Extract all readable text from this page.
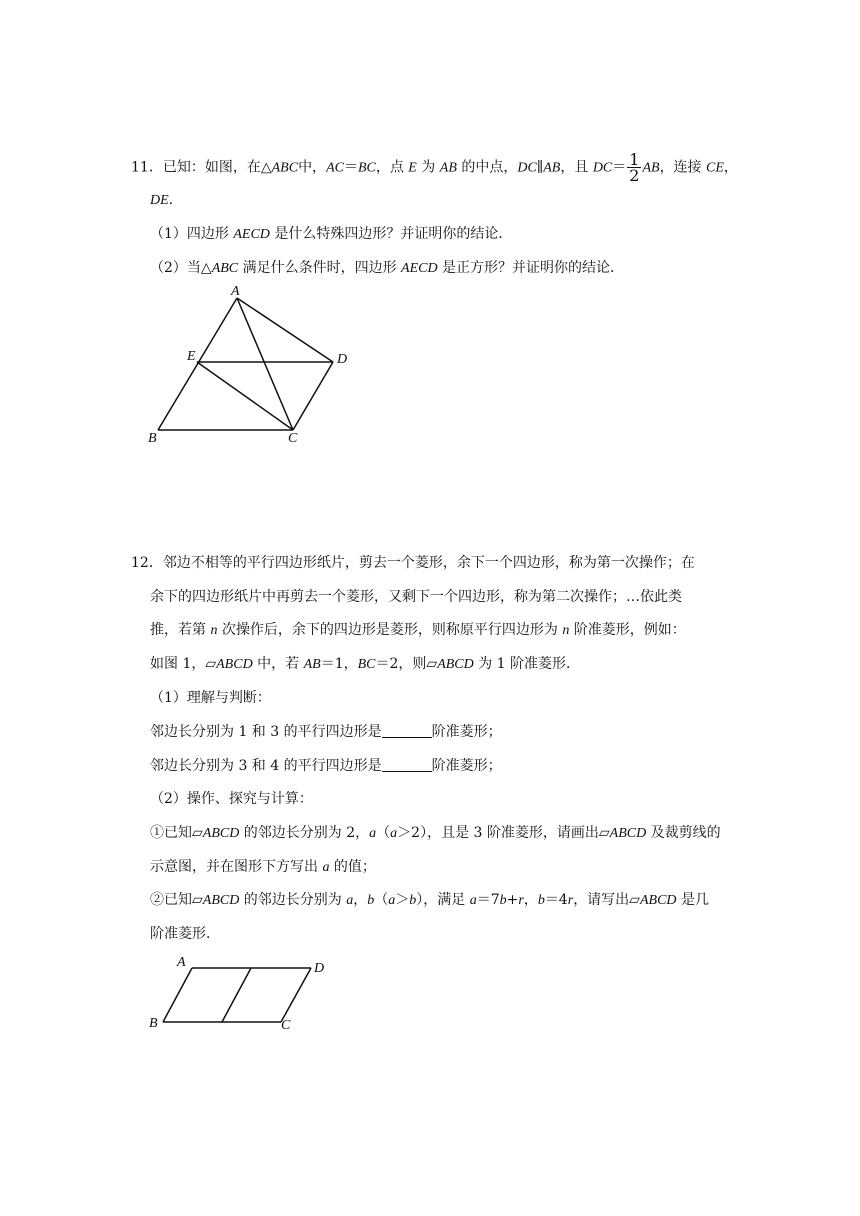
11．已知：如图，在△ABC中，AC＝BC，点 E 为 AB 的中点，DC∥AB，且 $DC= \frac{1}{2}$ AB，连接 CE，
DE.
（1）四边形 AECD 是什么特殊四边形？并证明你的结论．
（2）当△ABC 满足什么条件时，四边形 AECD 是正方形？并证明你的结论．
A
E	D
B	C
12．邻边不相等的平行四边形纸片，剪去一个菱形，余下一个四边形，称为第一次操作；在
余下的四边形纸片中再剪去一个菱形，又剩下一个四边形，称为第二次操作；…依此类
推，若第 n 次操作后，余下的四边形是菱形，则称原平行四边形为 n 阶准菱形，例如：
如图 1，▱ABCD 中，若 AB＝1，BC＝2，则▱ABCD 为 1 阶准菱形．
（1）理解与判断：
邻边长分别为 1 和 3 的平行四边形是	阶准菱形；
邻边长分别为 3 和 4 的平行四边形是	阶准菱形；
（2）操作、探究与计算：
①已知▱ABCD 的邻边长分别为 2，a（a＞2），且是 3 阶准菱形，请画出▱ABCD 及裁剪线的
示意图，并在图形下方写出 a 的值；
②已知▱ABCD 的邻边长分别为 a，b（a＞b），满足 a＝7b+r，b＝4r，请写出▱ABCD 是几
阶准菱形．
A	D
B	C
